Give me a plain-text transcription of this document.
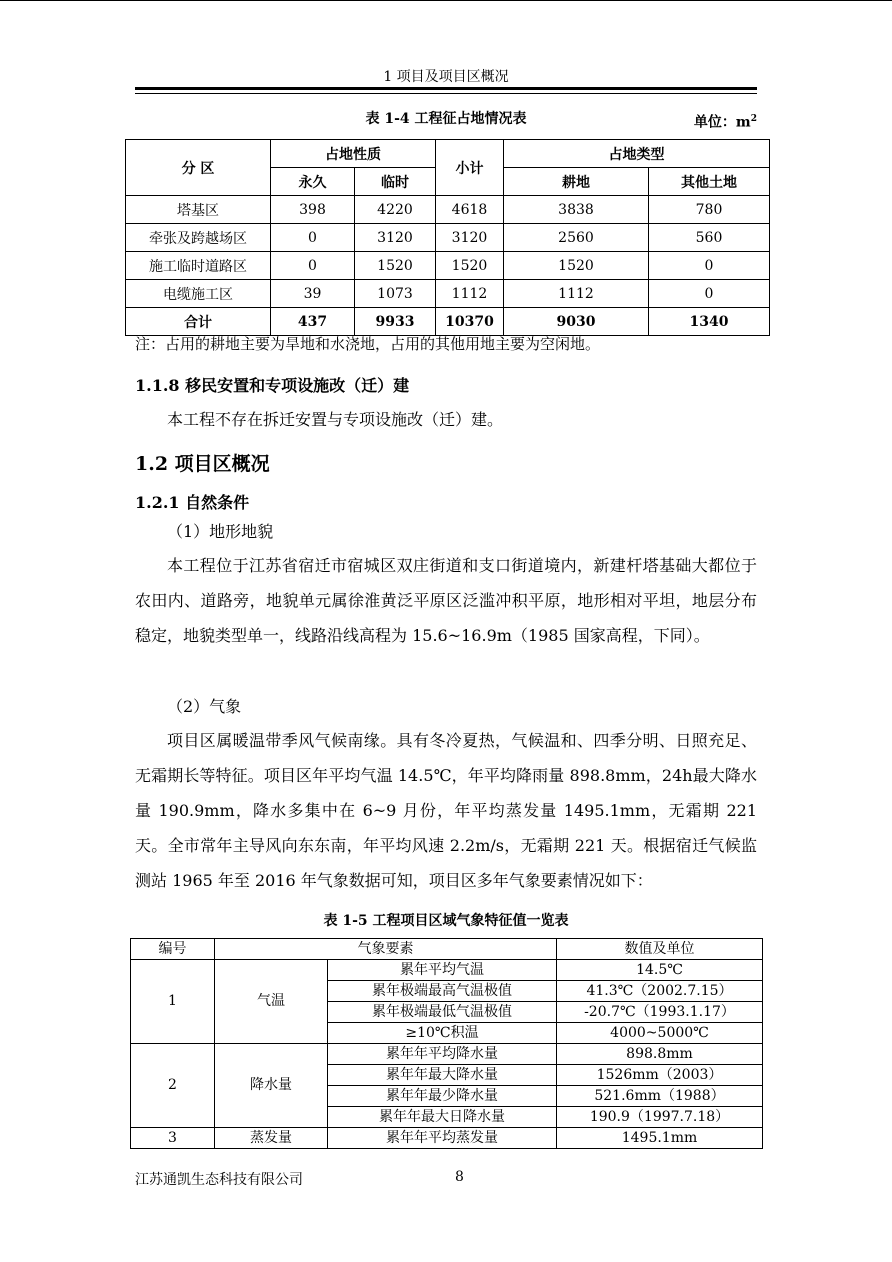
1 项目及项目区概况
表 1-4 工程征占地情况表	单位：$m^2$
分 区	占地性质		小计	占地类型	
	永久	临时		耕地	其他土地
塔基区	398	4220	4618	3838	780
牵张及跨越场区	0	3120	3120	2560	560
施工临时道路区	0	1520	1520	1520	0
电缆施工区	39	1073	1112	1112	0
合计	437	9933	10370	9030	1340
注：占用的耕地主要为旱地和水浇地，占用的其他用地主要为空闲地。
1.1.8 移民安置和专项设施改（迁）建

本工程不存在拆迁安置与专项设施改（迁）建。

1.2 项目区概况
1.2.1 自然条件
（1）地形地貌

本工程位于江苏省宿迁市宿城区双庄街道和支口街道境内，新建杆塔基础大都位于农田内、道路旁，地貌单元属徐淮黄泛平原区泛滥冲积平原，地形相对平坦，地层分布稳定，地貌类型单一，线路沿线高程为 15.6~16.9m（1985 国家高程，下同）。

（2）气象

项目区属暖温带季风气候南缘。具有冬冷夏热，气候温和、四季分明、日照充足、无霜期长等特征。项目区年平均气温 14.5℃，年平均降雨量 898.8mm，24h最大降水量 190.9mm，降水多集中在 6~9 月份，年平均蒸发量 1495.1mm，无霜期 221 天。全市常年主导风向东东南，年平均风速 2.2m/s，无霜期 221 天。根据宿迁气候监测站 1965 年至 2016 年气象数据可知，项目区多年气象要素情况如下：

表 1-5 工程项目区域气象特征值一览表
编号	气象要素		数值及单位
1	气温	累年平均气温	14.5℃
		累年极端最高气温极值	41.3℃（2002.7.15）
		累年极端最低气温极值	-20.7℃（1993.1.17）
		≥10℃积温	4000~5000℃
2	降水量	累年年平均降水量	898.8mm
		累年年最大降水量	1526mm（2003）
		累年年最少降水量	521.6mm（1988）
		累年年最大日降水量	190.9（1997.7.18）
3	蒸发量	累年年平均蒸发量	1495.1mm
江苏通凯生态科技有限公司	8
